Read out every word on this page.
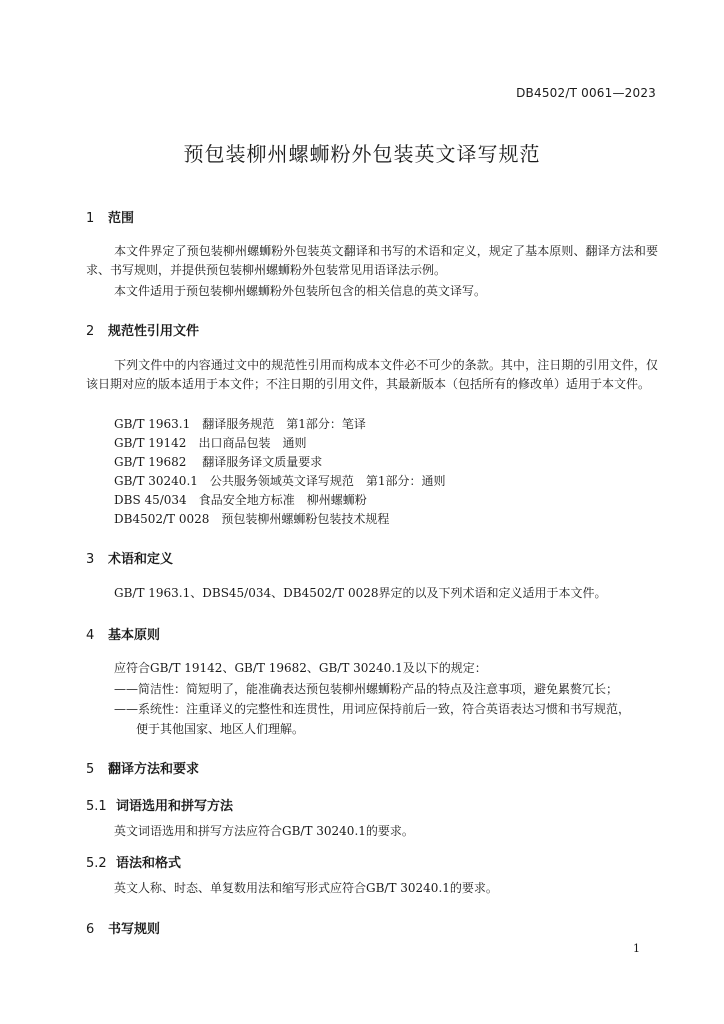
DB4502/T 0061—2023
预包装柳州螺蛳粉外包装英文译写规范
1 范围
本文件界定了预包装柳州螺蛳粉外包装英文翻译和书写的术语和定义，规定了基本原则、翻译方法和要求、书写规则，并提供预包装柳州螺蛳粉外包装常见用语译法示例。
本文件适用于预包装柳州螺蛳粉外包装所包含的相关信息的英文译写。
2 规范性引用文件
下列文件中的内容通过文中的规范性引用而构成本文件必不可少的条款。其中，注日期的引用文件，仅该日期对应的版本适用于本文件；不注日期的引用文件，其最新版本（包括所有的修改单）适用于本文件。
GB/T 1963.1　翻译服务规范　第1部分：笔译
GB/T 19142　出口商品包装　通则
GB/T 19682　 翻译服务译文质量要求
GB/T 30240.1　公共服务领域英文译写规范　第1部分：通则
DBS 45/034　食品安全地方标准　柳州螺蛳粉
DB4502/T 0028　预包装柳州螺蛳粉包装技术规程
3 术语和定义
GB/T 1963.1、DBS45/034、DB4502/T 0028界定的以及下列术语和定义适用于本文件。
4 基本原则
应符合GB/T 19142、GB/T 19682、GB/T 30240.1及以下的规定：
——简洁性：简短明了，能准确表达预包装柳州螺蛳粉产品的特点及注意事项，避免累赘冗长；
——系统性：注重译义的完整性和连贯性，用词应保持前后一致，符合英语表达习惯和书写规范，
便于其他国家、地区人们理解。
5 翻译方法和要求
5.1 词语选用和拼写方法
英文词语选用和拼写方法应符合GB/T 30240.1的要求。
5.2 语法和格式
英文人称、时态、单复数用法和缩写形式应符合GB/T 30240.1的要求。
6 书写规则
1
